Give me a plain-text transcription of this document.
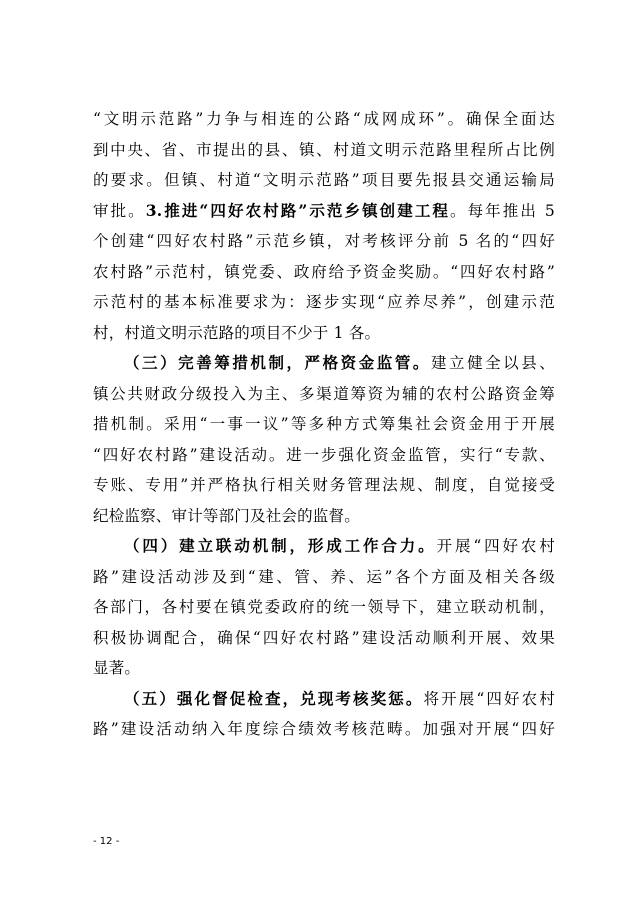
“文明示范路”力争与相连的公路“成网成环”。确保全面达
到中央、省、市提出的县、镇、村道文明示范路里程所占比例
的要求。但镇、村道“文明示范路”项目要先报县交通运输局
审批。3.推进“四好农村路”示范乡镇创建工程。每年推出 5
个创建“四好农村路”示范乡镇，对考核评分前 5 名的“四好
农村路”示范村，镇党委、政府给予资金奖励。“四好农村路”
示范村的基本标准要求为：逐步实现“应养尽养”，创建示范
村，村道文明示范路的项目不少于 1 各。
（三）完善筹措机制，严格资金监管。建立健全以县、
镇公共财政分级投入为主、多渠道筹资为辅的农村公路资金筹
措机制。采用“一事一议”等多种方式筹集社会资金用于开展
“四好农村路”建设活动。进一步强化资金监管，实行“专款、
专账、专用”并严格执行相关财务管理法规、制度，自觉接受
纪检监察、审计等部门及社会的监督。
（四）建立联动机制，形成工作合力。开展“四好农村
路”建设活动涉及到“建、管、养、运”各个方面及相关各级
各部门，各村要在镇党委政府的统一领导下，建立联动机制，
积极协调配合，确保“四好农村路”建设活动顺利开展、效果
显著。
（五）强化督促检查，兑现考核奖惩。将开展“四好农村
路”建设活动纳入年度综合绩效考核范畴。加强对开展“四好
- 12 -
